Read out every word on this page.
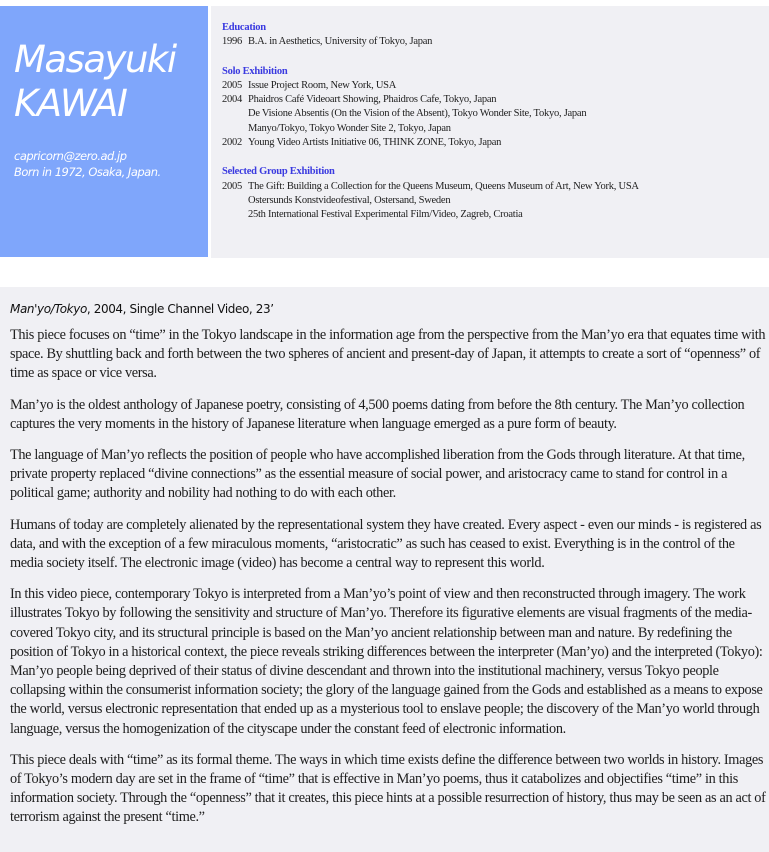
Masayuki
KAWAI
capricorn@zero.ad.jp
Born in 1972, Osaka, Japan.
Education
1996 B.A. in Aesthetics, University of Tokyo, Japan
Solo Exhibition
2005 Issue Project Room, New York, USA
2004 Phaidros Café Videoart Showing, Phaidros Cafe, Tokyo, Japan
De Visione Absentis (On the Vision of the Absent), Tokyo Wonder Site, Tokyo, Japan
Manyo/Tokyo, Tokyo Wonder Site 2, Tokyo, Japan
2002 Young Video Artists Initiative 06, THINK ZONE, Tokyo, Japan
Selected Group Exhibition
2005 The Gift: Building a Collection for the Queens Museum, Queens Museum of Art, New York, USA
Ostersunds Konstvideofestival, Ostersand, Sweden
25th International Festival Experimental Film/Video, Zagreb, Croatia
Man'yo/Tokyo, 2004, Single Channel Video, 23’

This piece focuses on “time” in the Tokyo landscape in the information age from the perspective from the Man’yo era that equates time with space. By shuttling back and forth between the two spheres of ancient and present-day of Japan, it attempts to create a sort of “openness” of time as space or vice versa.

Man’yo is the oldest anthology of Japanese poetry, consisting of 4,500 poems dating from before the 8th century. The Man’yo collection captures the very moments in the history of Japanese literature when language emerged as a pure form of beauty.

The language of Man’yo reflects the position of people who have accomplished liberation from the Gods through literature. At that time, private property replaced “divine connections” as the essential measure of social power, and aristocracy came to stand for control in a political game; authority and nobility had nothing to do with each other.

Humans of today are completely alienated by the representational system they have created. Every aspect - even our minds - is registered as data, and with the exception of a few miraculous moments, “aristocratic” as such has ceased to exist. Everything is in the control of the media society itself. The electronic image (video) has become a central way to represent this world.

In this video piece, contemporary Tokyo is interpreted from a Man’yo’s point of view and then reconstructed through imagery. The work illustrates Tokyo by following the sensitivity and structure of Man’yo. Therefore its figurative elements are visual fragments of the media-covered Tokyo city, and its structural principle is based on the Man’yo ancient relationship between man and nature. By redefining the position of Tokyo in a historical context, the piece reveals striking differences between the interpreter (Man’yo) and the interpreted (Tokyo): Man’yo people being deprived of their status of divine descendant and thrown into the institutional machinery, versus Tokyo people collapsing within the consumerist information society; the glory of the language gained from the Gods and established as a means to expose the world, versus electronic representation that ended up as a mysterious tool to enslave people; the discovery of the Man’yo world through language, versus the homogenization of the cityscape under the constant feed of electronic information.

This piece deals with “time” as its formal theme. The ways in which time exists define the difference between two worlds in history. Images of Tokyo’s modern day are set in the frame of “time” that is effective in Man’yo poems, thus it catabolizes and objectifies “time” in this information society. Through the “openness” that it creates, this piece hints at a possible resurrection of history, thus may be seen as an act of terrorism against the present “time.”
